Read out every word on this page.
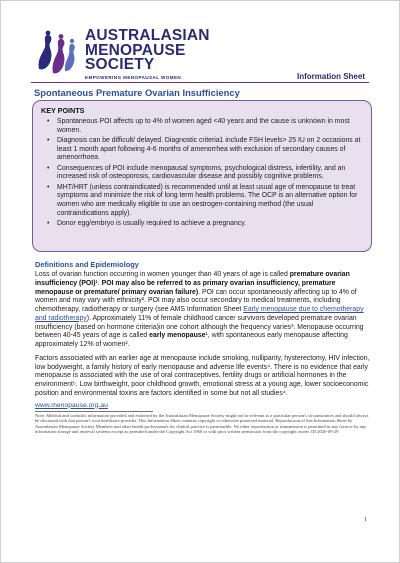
AUSTRALASIAN
MENOPAUSE
SOCIETY
EMPOWERING MENOPAUSAL WOMEN	Information Sheet
Spontaneous Premature Ovarian Insufficiency
KEY POINTS
• Spontaneous POI affects up to 4% of women aged <40 years and the cause is unknown in most women.
• Diagnosis can be difficult/ delayed. Diagnostic criteria1 include FSH levels> 25 IU on 2 occasions at least 1 month apart following 4-6 months of amenorrhea with exclusion of secondary causes of amenorrhoea.
• Consequences of POI include menopausal symptoms, psychological distress, infertility, and an increased risk of osteoporosis, cardiovascular disease and possibly cognitive problems.
• MHT/HRT (unless contraindicated) is recommended until at least usual age of menopause to treat symptoms and minimize the risk of long term health problems. The OCP is an alternative option for women who are medically eligible to use an oestrogen-containing method (the usual contraindications apply).
• Donor egg/embryo is usually required to achieve a pregnancy.
Definitions and Epidemiology

Loss of ovarian function occurring in women younger than 40 years of age is called premature ovarian insufficiency (POI)¹. POI may also be referred to as primary ovarian insufficiency, premature menopause or premature/ primary ovarian failure). POI can occur spontaneously affecting up to 4% of women and may vary with ethnicity². POI may also occur secondary to medical treatments, including chemotherapy, radiotherapy or surgery (see AMS Information Sheet Early menopause due to chemotherapy and radiotherapy). Approximately 11% of female childhood cancer survivors developed premature ovarian insufficiency (based on hormone criteria)in one cohort although the frequency varies³. Menopause occurring between 40-45 years of age is called early menopause¹, with spontaneous early menopause affecting approximately 12% of women².

Factors associated with an earlier age at menopause include smoking, nulliparity, hysterectomy, HIV infection, low bodyweight, a family history of early menopause and adverse life events⁴. There is no evidence that early menopause is associated with the use of oral contraceptives, fertility drugs or artificial hormones in the environment⁵. Low birthweight, poor childhood growth, emotional stress at a young age, lower socioeconomic position and environmental toxins are factors identified in some but not all studies⁴.

www.menopause.org.au
Note: Medical and scientific information provided and endorsed by the Australasian Menopause Society might not be relevant to a particular person's circumstances and should always be discussed with that person's own healthcare provider. This Information Sheet contains copyright or otherwise protected material. Reproduction of this Information Sheet by Australasian Menopause Society Members and other health professionals for clinical practice is permissible. No other reproduction or transmission is permitted in any form or by any information storage and retrieval systems except as permitted under the Copyright Act 1968 or with prior written permission from the copyright owner. ID:2020-09-29
1
